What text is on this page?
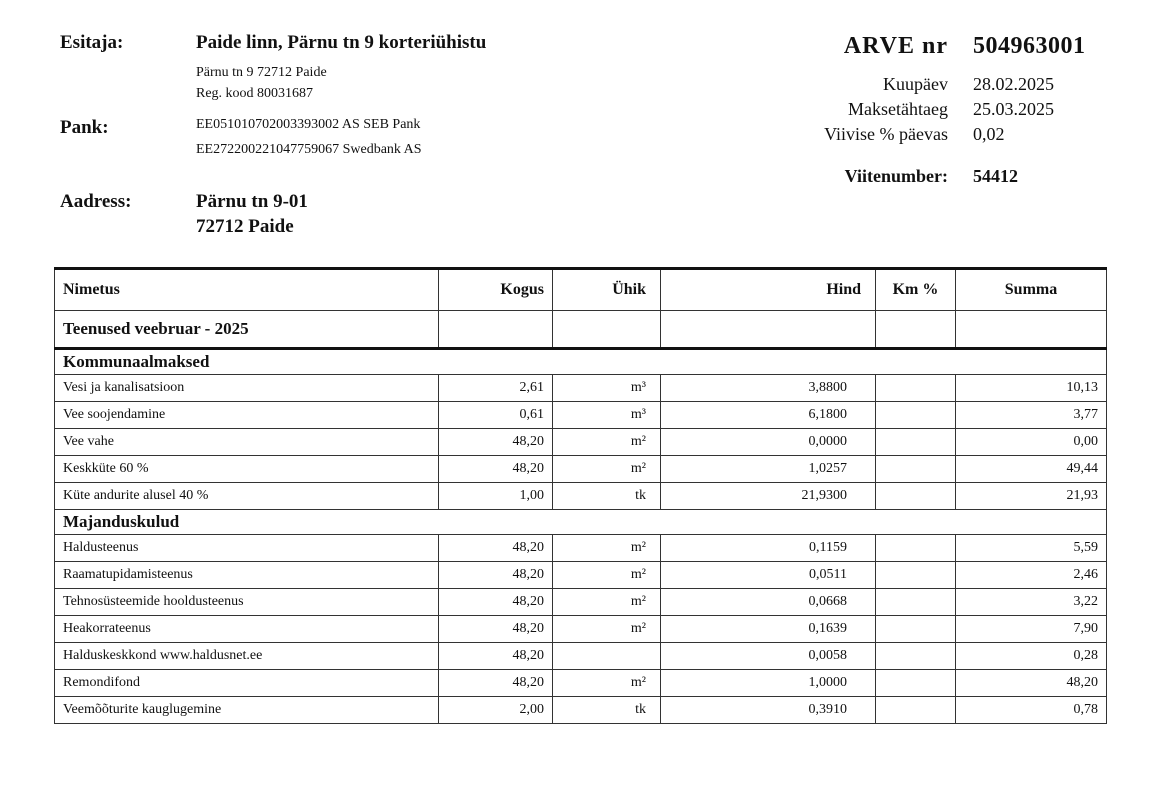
Esitaja:	Paide linn, Pärnu tn 9 korteriühistu
Pärnu tn 9 72712 Paide
Reg. kood 80031687
Pank:	EE051010702003393002 AS SEB Pank
EE272200221047759067 Swedbank AS
Aadress:	Pärnu tn 9-01
72712 Paide
ARVE nr 504963001
Kuupäev 28.02.2025
Maksetähtaeg 25.03.2025
Viivise % päevas 0,02
Viitenumber: 54412
Nimetus	Kogus	Ühik	Hind	Km %	Summa
Teenused veebruar - 2025					
Kommunaalmaksed					
Vesi ja kanalisatsioon	2,61	m³	3,8800		10,13
Vee soojendamine	0,61	m³	6,1800		3,77
Vee vahe	48,20	m²	0,0000		0,00
Keskküte 60 %	48,20	m²	1,0257		49,44
Küte andurite alusel 40 %	1,00	tk	21,9300		21,93
Majanduskulud					
Haldusteenus	48,20	m²	0,1159		5,59
Raamatupidamisteenus	48,20	m²	0,0511		2,46
Tehnosüsteemide hooldusteenus	48,20	m²	0,0668		3,22
Heakorrateenus	48,20	m²	0,1639		7,90
Halduskeskkond www.haldusnet.ee	48,20		0,0058		0,28
Remondifond	48,20	m²	1,0000		48,20
Veemõõturite kauglugemine	2,00	tk	0,3910		0,78
